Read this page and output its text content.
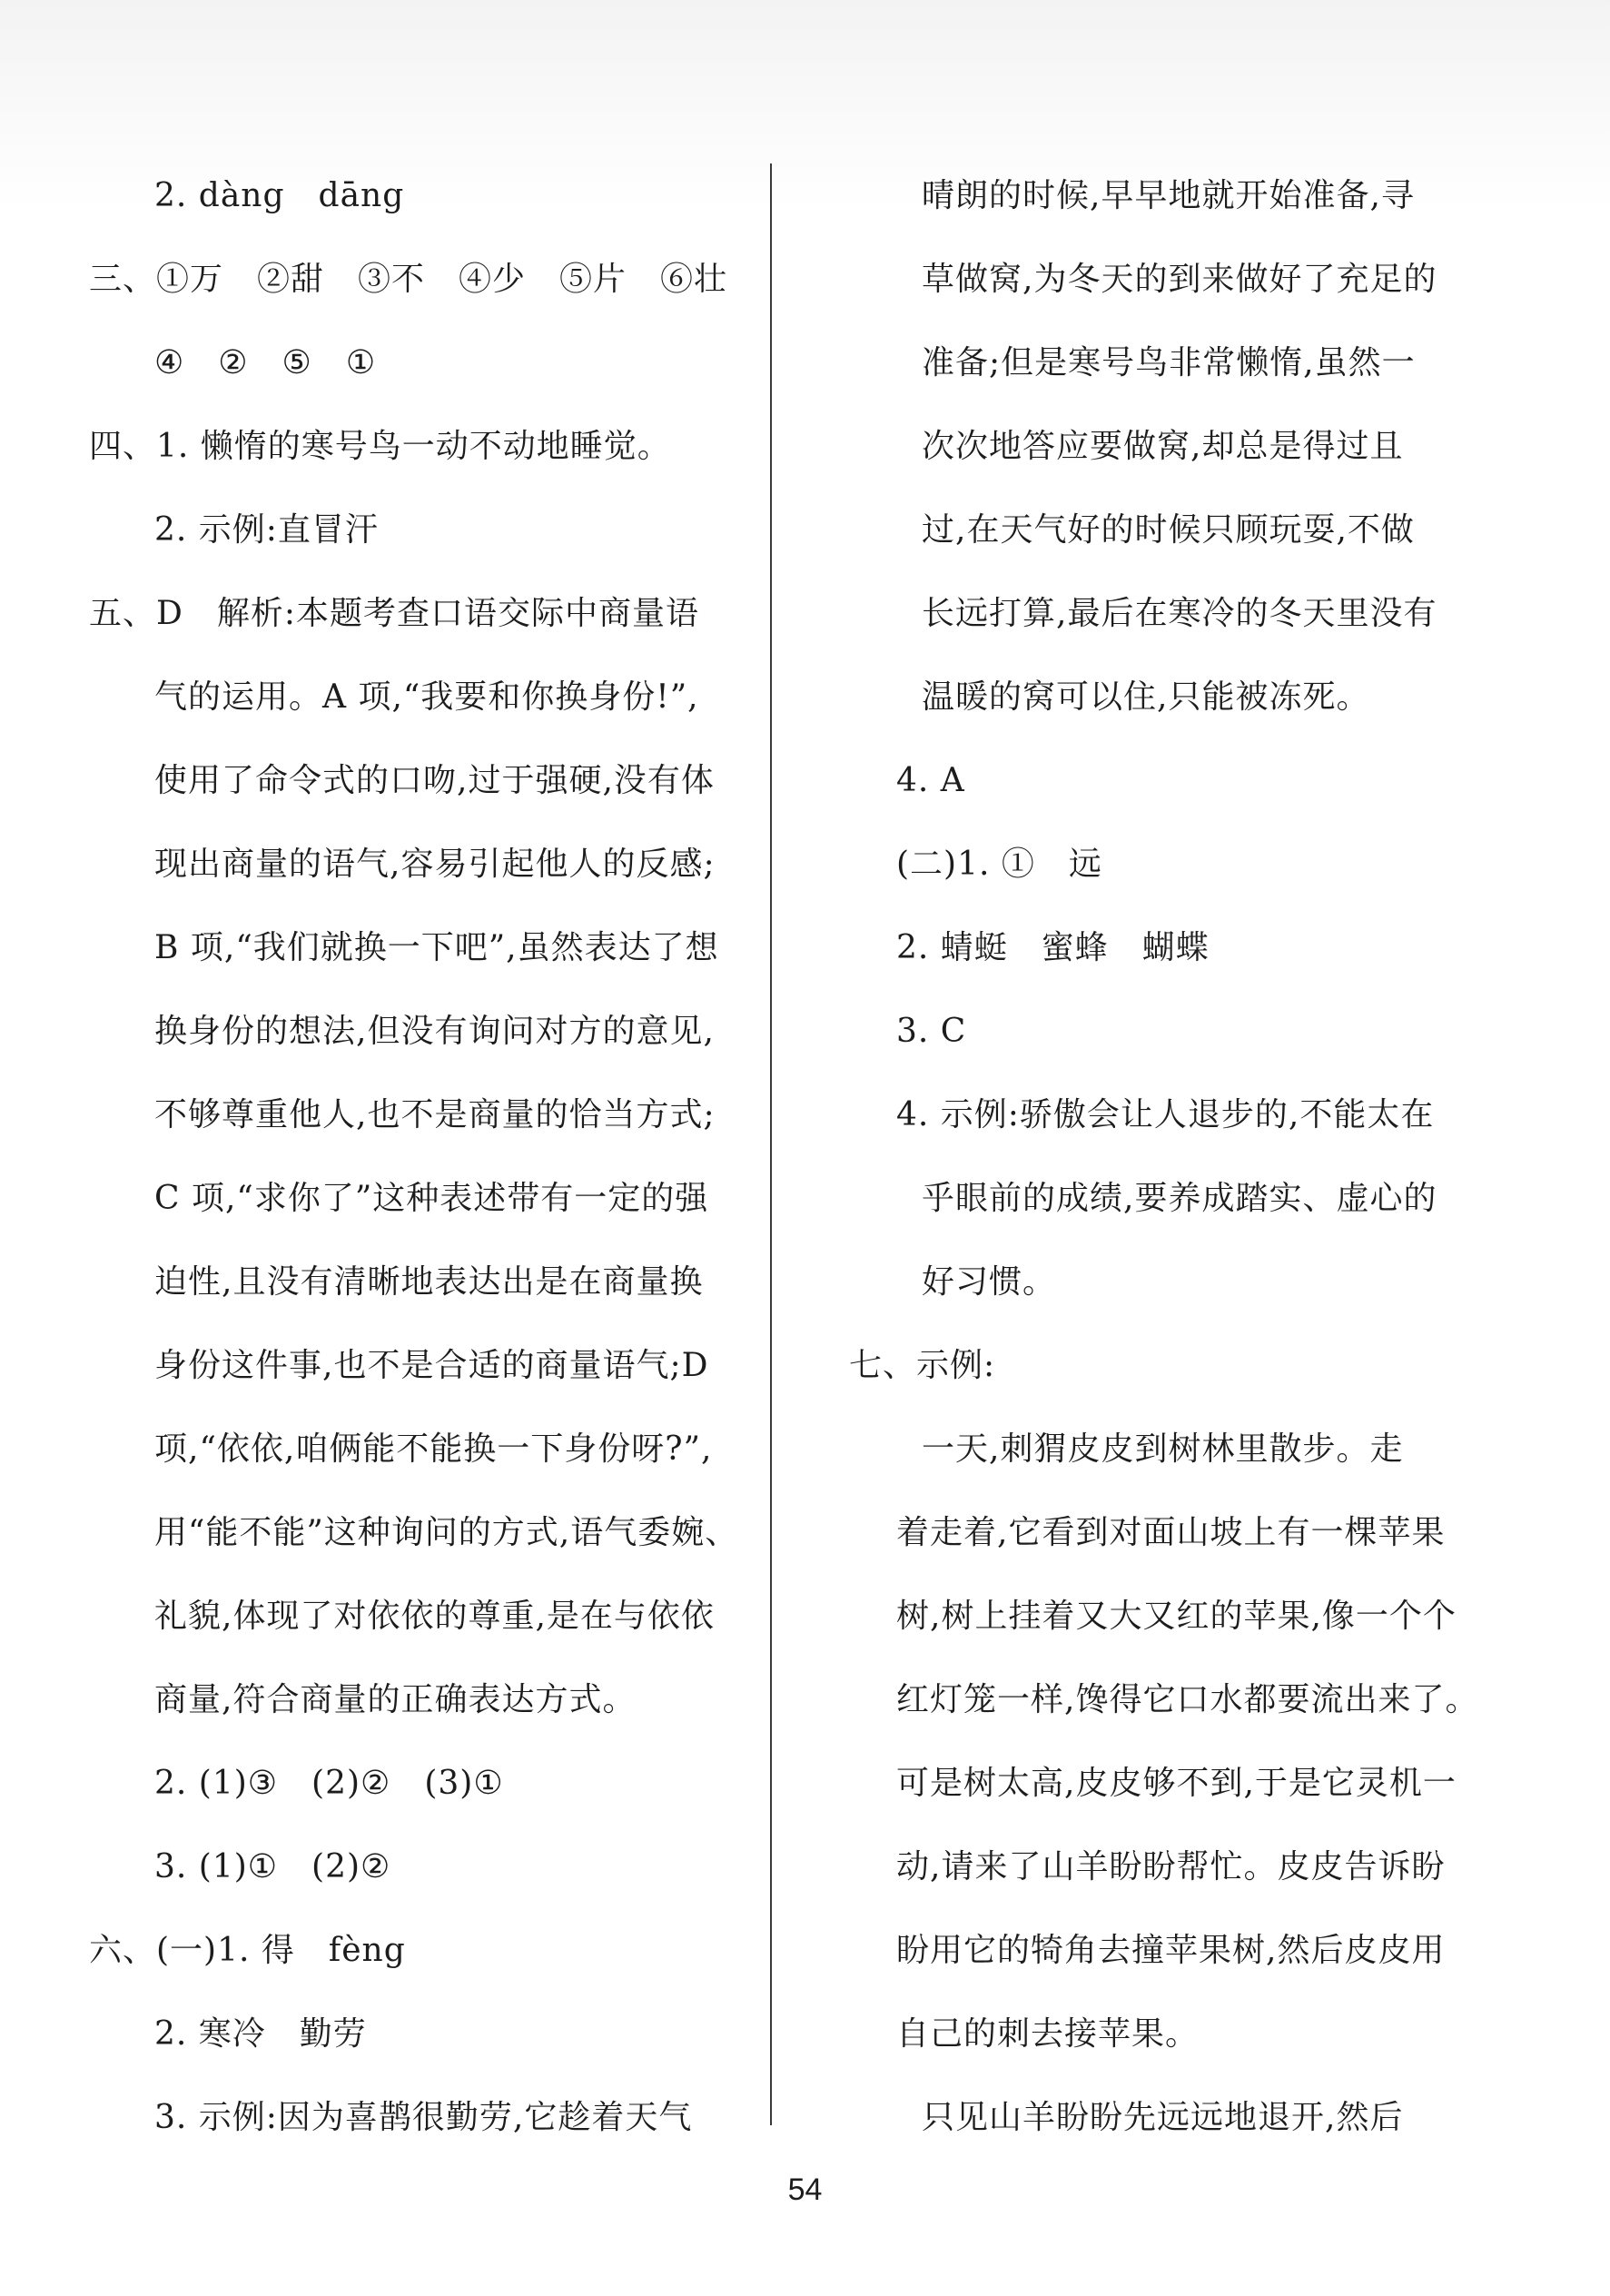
2. dàng　dāng
三、①万　②甜　③不　④少　⑤片　⑥壮
④　②　⑤　①
四、1. 懒惰的寒号鸟一动不动地睡觉。
2. 示例:直冒汗
五、D　解析:本题考查口语交际中商量语
气的运用。A 项,“我要和你换身份!”,
使用了命令式的口吻,过于强硬,没有体
现出商量的语气,容易引起他人的反感;
B 项,“我们就换一下吧”,虽然表达了想
换身份的想法,但没有询问对方的意见,
不够尊重他人,也不是商量的恰当方式;
C 项,“求你了”这种表述带有一定的强
迫性,且没有清晰地表达出是在商量换
身份这件事,也不是合适的商量语气;D
项,“依依,咱俩能不能换一下身份呀?”,
用“能不能”这种询问的方式,语气委婉、
礼貌,体现了对依依的尊重,是在与依依
商量,符合商量的正确表达方式。
2. (1)③　(2)②　(3)①
3. (1)①　(2)②
六、(一)1. 得　fèng
2. 寒冷　勤劳
3. 示例:因为喜鹊很勤劳,它趁着天气
晴朗的时候,早早地就开始准备,寻
草做窝,为冬天的到来做好了充足的
准备;但是寒号鸟非常懒惰,虽然一
次次地答应要做窝,却总是得过且
过,在天气好的时候只顾玩耍,不做
长远打算,最后在寒冷的冬天里没有
温暖的窝可以住,只能被冻死。
4. A
(二)1. ①　远
2. 蜻蜓　蜜蜂　蝴蝶
3. C
4. 示例:骄傲会让人退步的,不能太在
乎眼前的成绩,要养成踏实、虚心的
好习惯。
七、示例:
一天,刺猬皮皮到树林里散步。走
着走着,它看到对面山坡上有一棵苹果
树,树上挂着又大又红的苹果,像一个个
红灯笼一样,馋得它口水都要流出来了。
可是树太高,皮皮够不到,于是它灵机一
动,请来了山羊盼盼帮忙。皮皮告诉盼
盼用它的犄角去撞苹果树,然后皮皮用
自己的刺去接苹果。
只见山羊盼盼先远远地退开,然后
54
